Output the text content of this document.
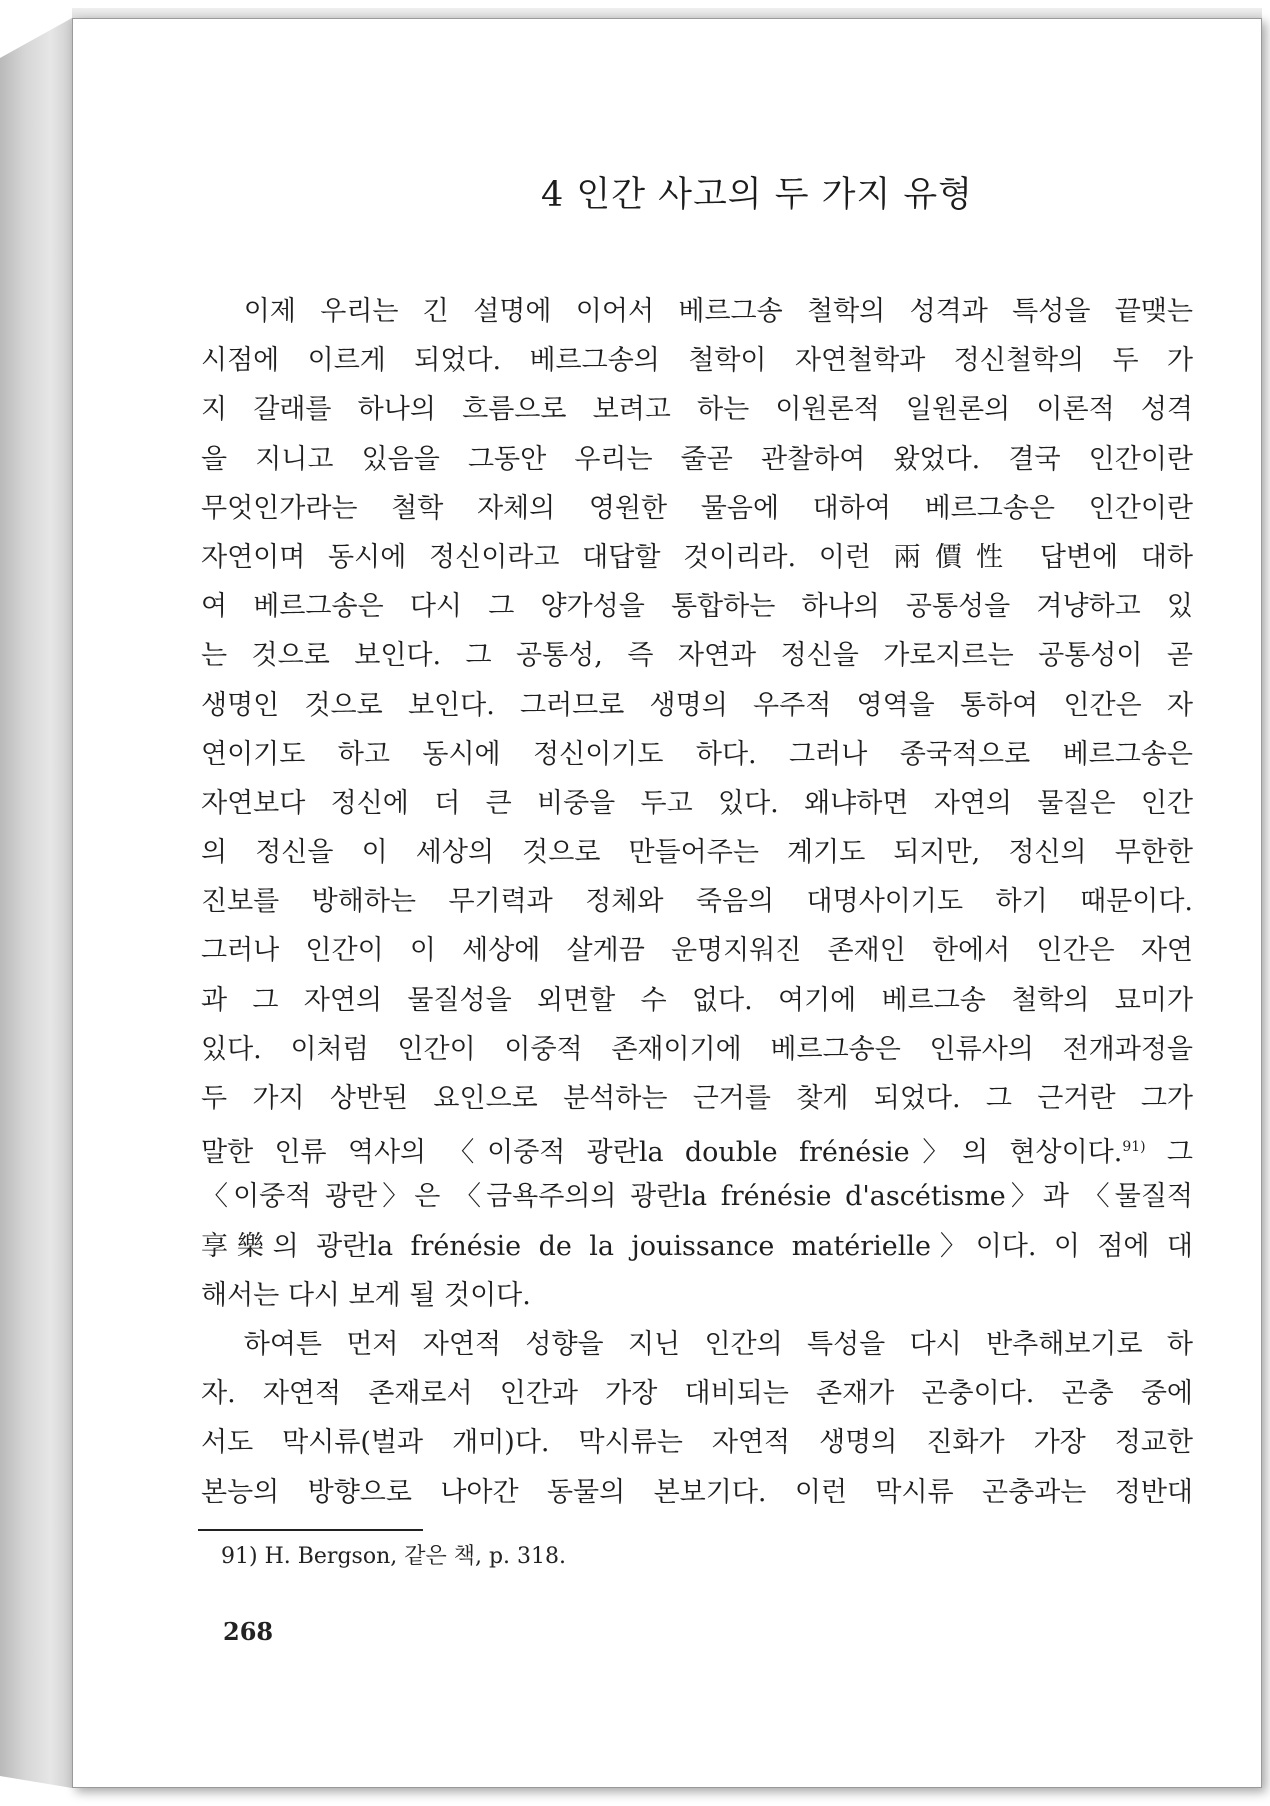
4 인간 사고의 두 가지 유형
　이제 우리는 긴 설명에 이어서 베르그송 철학의 성격과 특성을 끝맺는
시점에 이르게 되었다. 베르그송의 철학이 자연철학과 정신철학의 두 가
지 갈래를 하나의 흐름으로 보려고 하는 이원론적 일원론의 이론적 성격
을 지니고 있음을 그동안 우리는 줄곧 관찰하여 왔었다. 결국 인간이란
무엇인가라는 철학 자체의 영원한 물음에 대하여 베르그송은 인간이란
자연이며 동시에 정신이라고 대답할 것이리라. 이런 兩價性 답변에 대하
여 베르그송은 다시 그 양가성을 통합하는 하나의 공통성을 겨냥하고 있
는 것으로 보인다. 그 공통성, 즉 자연과 정신을 가로지르는 공통성이 곧
생명인 것으로 보인다. 그러므로 생명의 우주적 영역을 통하여 인간은 자
연이기도 하고 동시에 정신이기도 하다. 그러나 종국적으로 베르그송은
자연보다 정신에 더 큰 비중을 두고 있다. 왜냐하면 자연의 물질은 인간
의 정신을 이 세상의 것으로 만들어주는 계기도 되지만, 정신의 무한한
진보를 방해하는 무기력과 정체와 죽음의 대명사이기도 하기 때문이다.
그러나 인간이 이 세상에 살게끔 운명지워진 존재인 한에서 인간은 자연
과 그 자연의 물질성을 외면할 수 없다. 여기에 베르그송 철학의 묘미가
있다. 이처럼 인간이 이중적 존재이기에 베르그송은 인류사의 전개과정을
두 가지 상반된 요인으로 분석하는 근거를 찾게 되었다. 그 근거란 그가
말한 인류 역사의 〈이중적 광란la double frénésie〉의 현상이다.$^{91)}$ 그
〈이중적 광란〉은 〈금욕주의의 광란la frénésie d'ascétisme〉과 〈물질적
享樂의 광란la frénésie de la jouissance matérielle〉이다. 이 점에 대
해서는 다시 보게 될 것이다.
　하여튼 먼저 자연적 성향을 지닌 인간의 특성을 다시 반추해보기로 하
자. 자연적 존재로서 인간과 가장 대비되는 존재가 곤충이다. 곤충 중에
서도 막시류(벌과 개미)다. 막시류는 자연적 생명의 진화가 가장 정교한
본능의 방향으로 나아간 동물의 본보기다. 이런 막시류 곤충과는 정반대
91) H. Bergson, 같은 책, p. 318.
268
